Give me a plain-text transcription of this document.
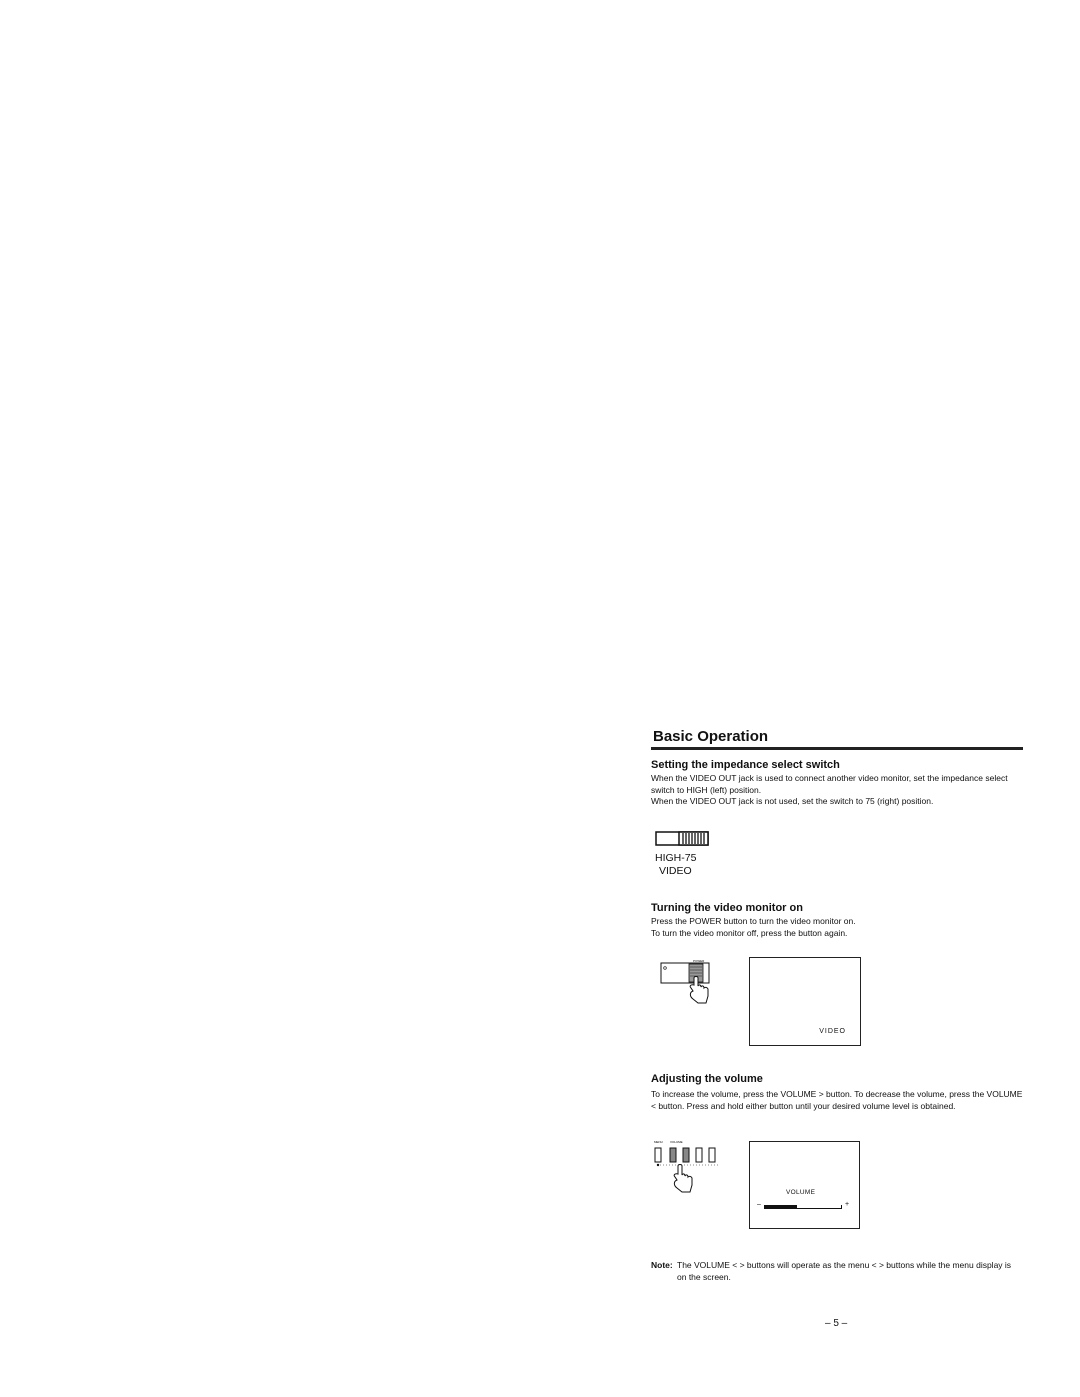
Basic Operation
Setting the impedance select switch
When the VIDEO OUT jack is used to connect another video monitor, set the impedance select switch to HIGH (left) position.
When the VIDEO OUT jack is not used, set the switch to 75 (right) position.
HIGH-75
VIDEO
Turning the video monitor on
Press the POWER button to turn the video monitor on.
To turn the video monitor off, press the button again.
POWER
VIDEO
Adjusting the volume
To increase the volume, press the VOLUME > button. To decrease the volume, press the VOLUME < button. Press and hold either button until your desired volume level is obtained.
MENU VOLUME
VOLUME
–	+
Note: The VOLUME < > buttons will operate as the menu < > buttons while the menu display is on the screen.
– 5 –
